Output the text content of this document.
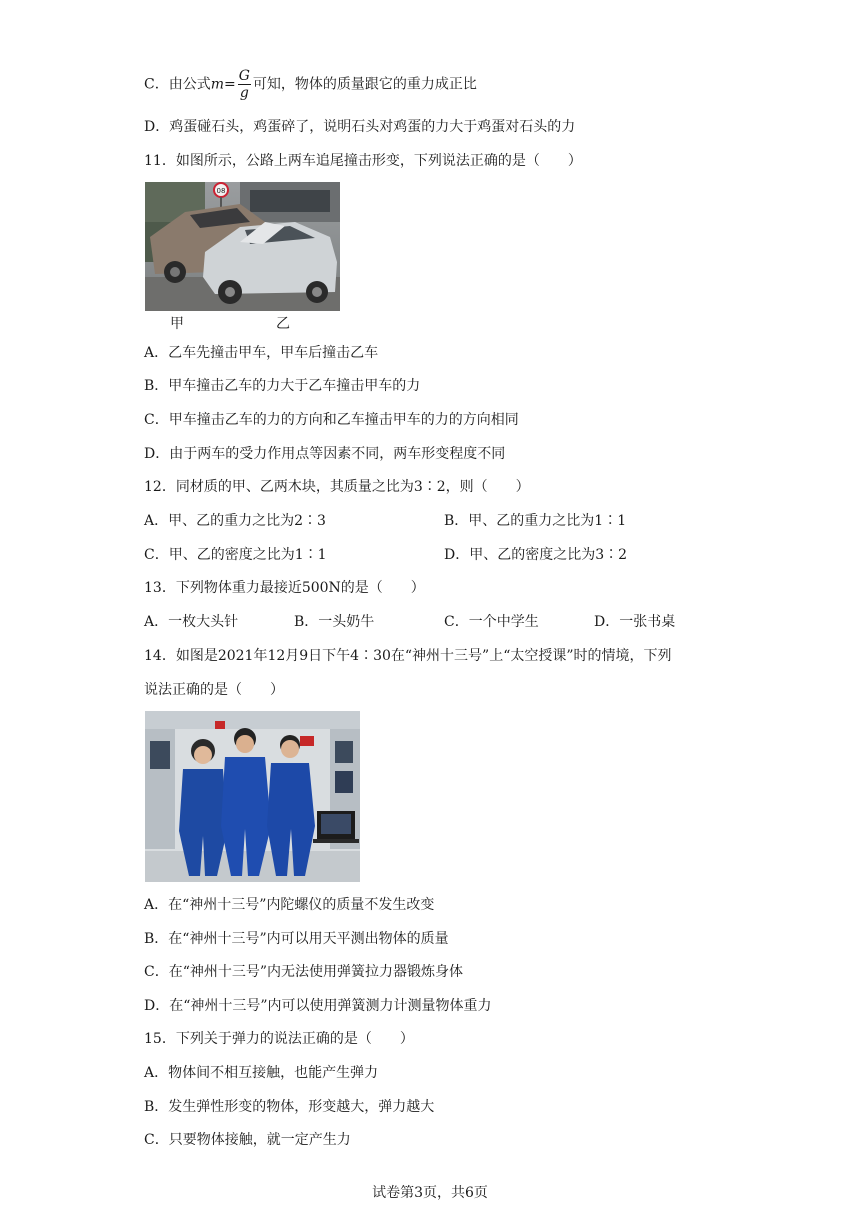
C．由公式$m= \frac{G}{g}$ 可知，物体的质量跟它的重力成正比
D．鸡蛋碰石头，鸡蛋碎了，说明石头对鸡蛋的力大于鸡蛋对石头的力
11．如图所示，公路上两车追尾撞击形变，下列说法正确的是（　　）
08
甲	乙
A．乙车先撞击甲车，甲车后撞击乙车
B．甲车撞击乙车的力大于乙车撞击甲车的力
C．甲车撞击乙车的力的方向和乙车撞击甲车的力的方向相同
D．由于两车的受力作用点等因素不同，两车形变程度不同
12．同材质的甲、乙两木块，其质量之比为3∶2，则（　　）
A．甲、乙的重力之比为2∶3	B．甲、乙的重力之比为1∶1
C．甲、乙的密度之比为1∶1	D．甲、乙的密度之比为3∶2
13．下列物体重力最接近500N的是（　　）
A．一枚大头针	B．一头奶牛	C．一个中学生	D．一张书桌
14．如图是2021年12月9日下午4∶30在“神州十三号”上“太空授课”时的情境，下列
说法正确的是（　　）
A．在“神州十三号”内陀螺仪的质量不发生改变
B．在“神州十三号”内可以用天平测出物体的质量
C．在“神州十三号”内无法使用弹簧拉力器锻炼身体
D．在“神州十三号”内可以使用弹簧测力计测量物体重力
15．下列关于弹力的说法正确的是（　　）
A．物体间不相互接触，也能产生弹力
B．发生弹性形变的物体，形变越大，弹力越大
C．只要物体接触，就一定产生力
试卷第3页，共6页
